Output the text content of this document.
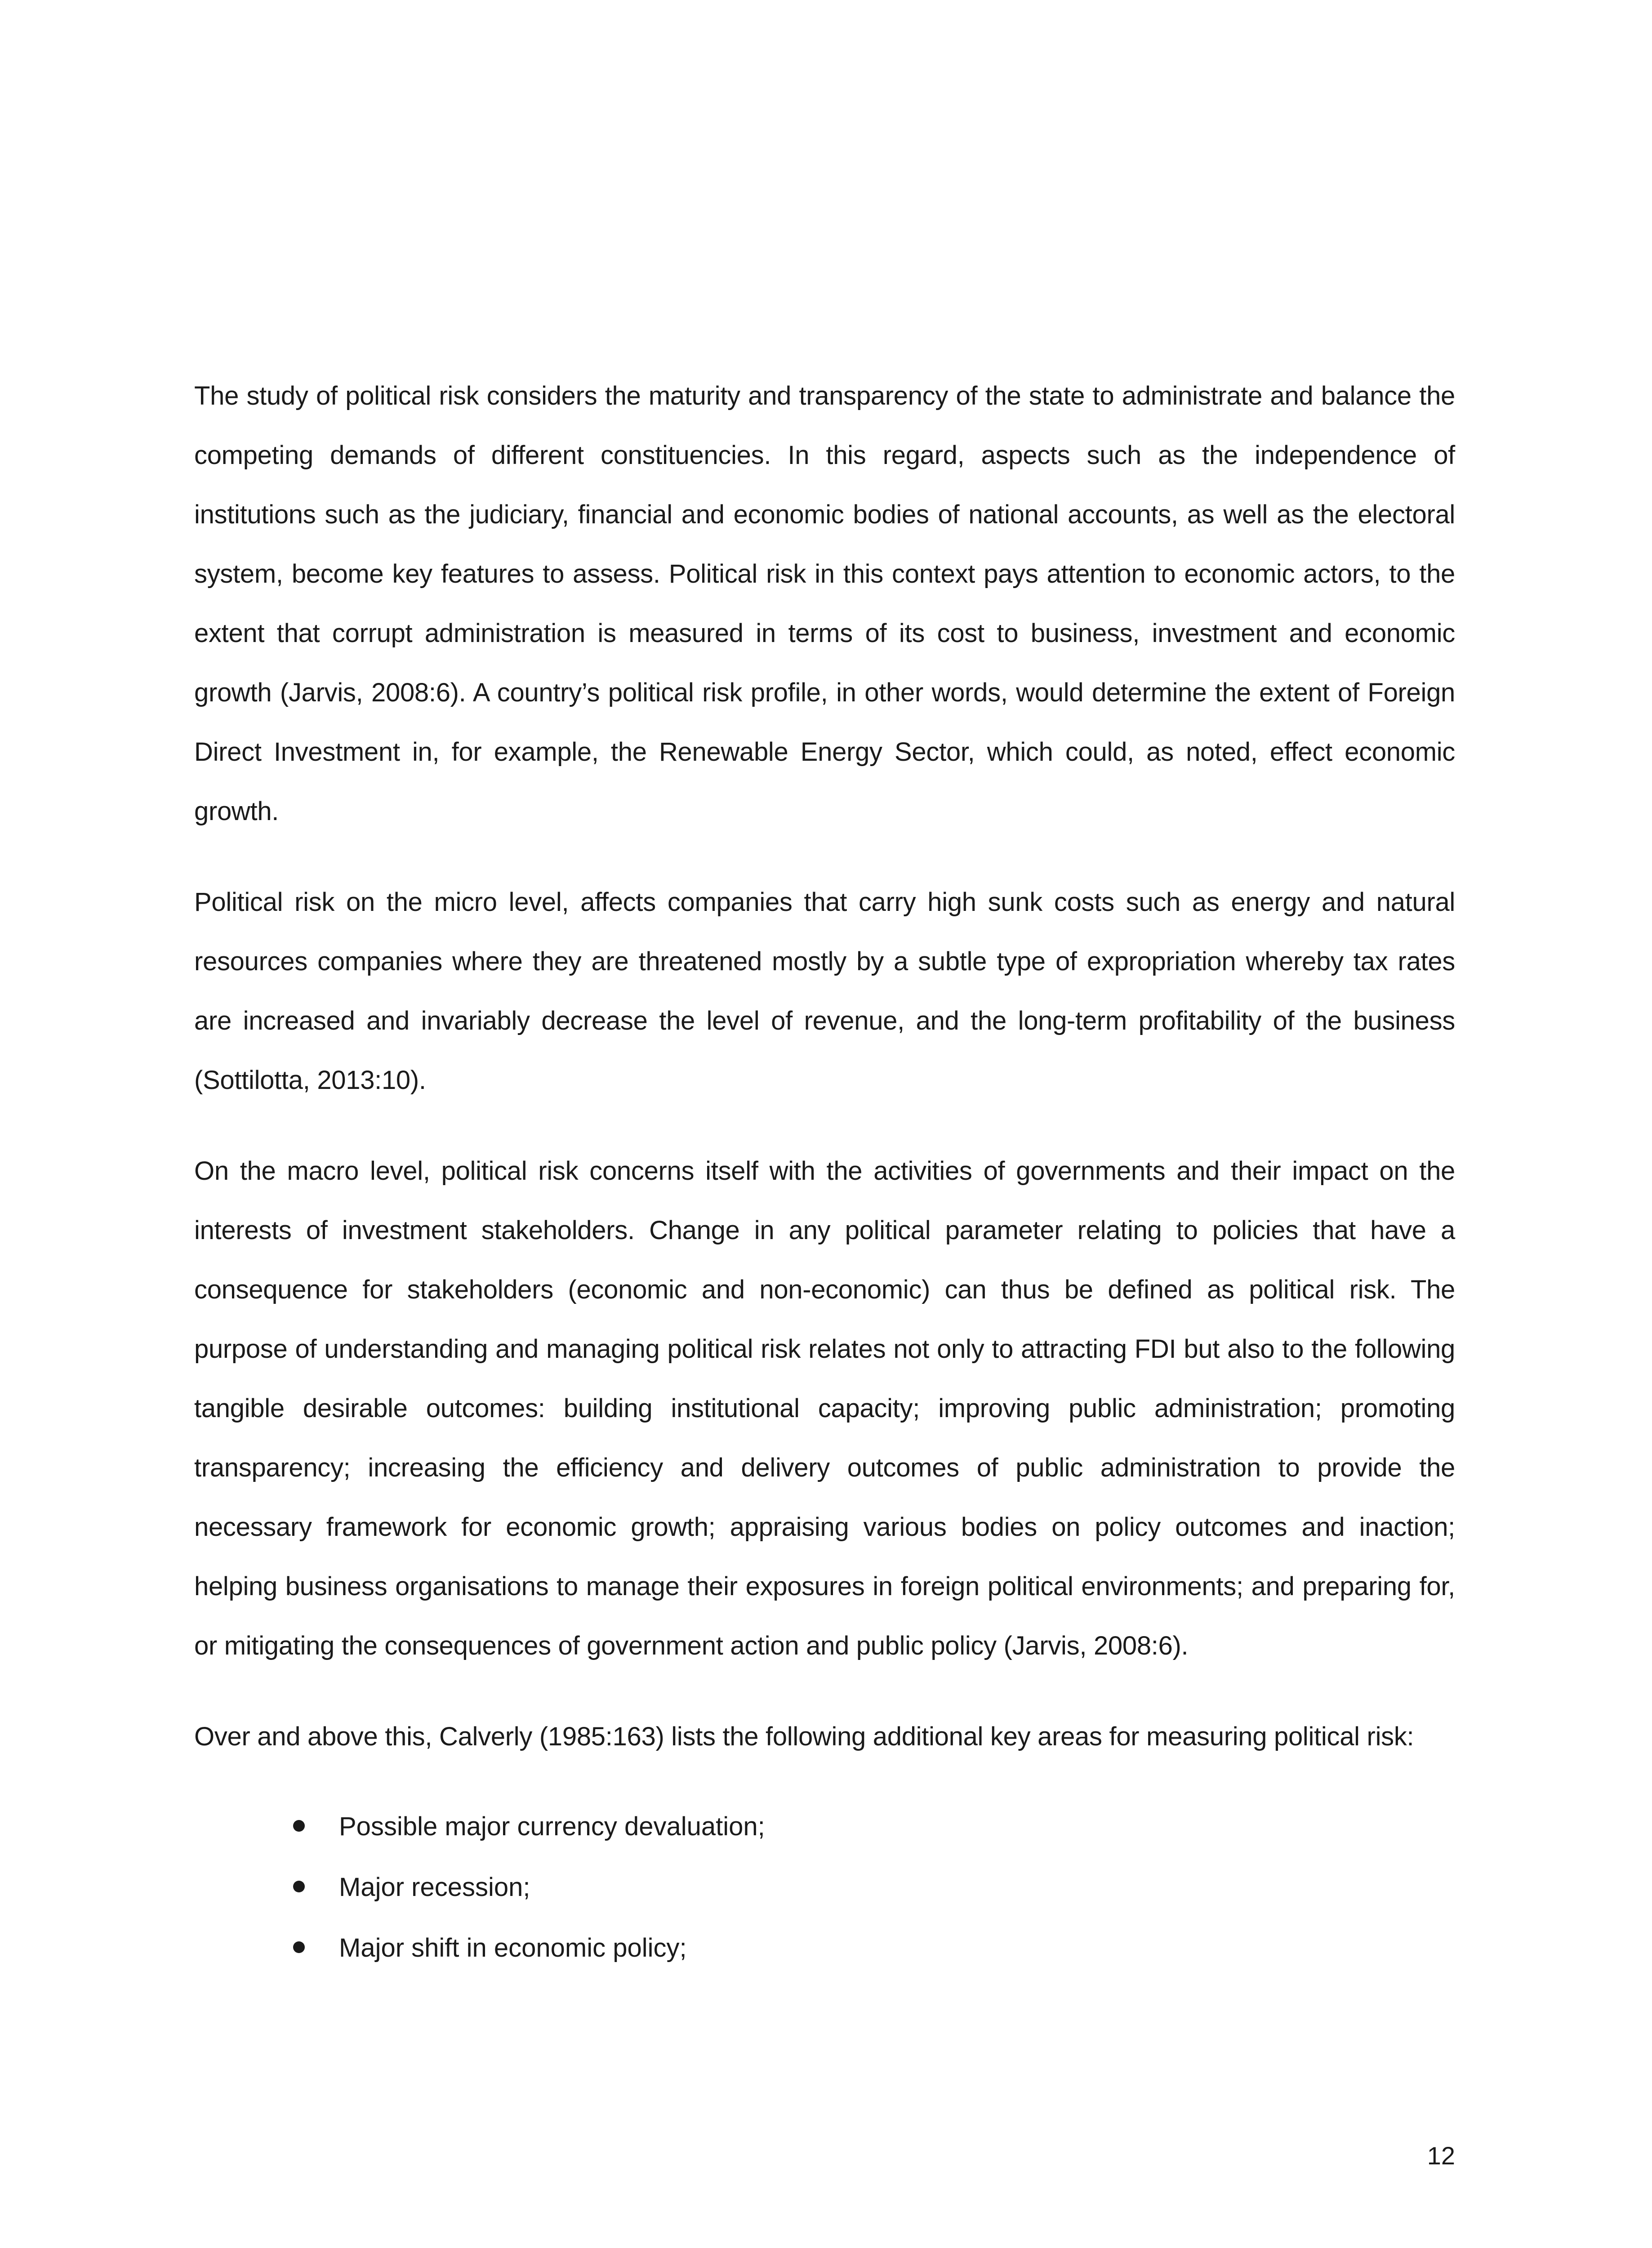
The study of political risk considers the maturity and transparency of the state to administrate and balance the competing demands of different constituencies. In this regard, aspects such as the independence of institutions such as the judiciary, financial and economic bodies of national accounts, as well as the electoral system, become key features to assess. Political risk in this context pays attention to economic actors, to the extent that corrupt administration is measured in terms of its cost to business, investment and economic growth (Jarvis, 2008:6). A country’s political risk profile, in other words, would determine the extent of Foreign Direct Investment in, for example, the Renewable Energy Sector, which could, as noted, effect economic growth.

Political risk on the micro level, affects companies that carry high sunk costs such as energy and natural resources companies where they are threatened mostly by a subtle type of expropriation whereby tax rates are increased and invariably decrease the level of revenue, and the long-term profitability of the business (Sottilotta, 2013:10).

On the macro level, political risk concerns itself with the activities of governments and their impact on the interests of investment stakeholders. Change in any political parameter relating to policies that have a consequence for stakeholders (economic and non-economic) can thus be defined as political risk. The purpose of understanding and managing political risk relates not only to attracting FDI but also to the following tangible desirable outcomes: building institutional capacity; improving public administration; promoting transparency; increasing the efficiency and delivery outcomes of public administration to provide the necessary framework for economic growth; appraising various bodies on policy outcomes and inaction; helping business organisations to manage their exposures in foreign political environments; and preparing for, or mitigating the consequences of government action and public policy (Jarvis, 2008:6).

Over and above this, Calverly (1985:163) lists the following additional key areas for measuring political risk:

Possible major currency devaluation;
Major recession;
Major shift in economic policy;
12
